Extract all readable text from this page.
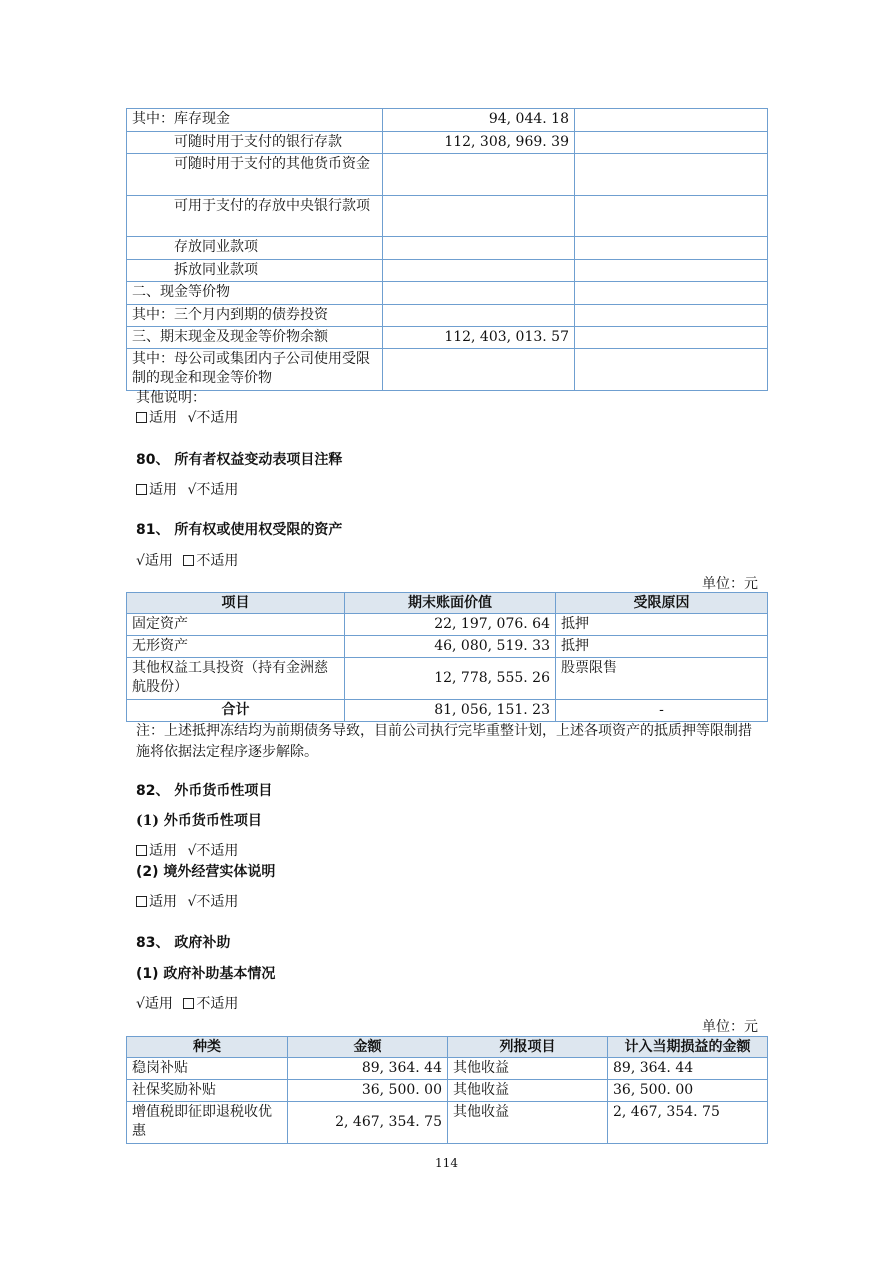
其中：库存现金	94, 044. 18	
可随时用于支付的银行存款	112, 308, 969. 39	
可随时用于支付的其他货币资金		
可用于支付的存放中央银行款项		
存放同业款项		
拆放同业款项		
二、现金等价物		
其中：三个月内到期的债券投资		
三、期末现金及现金等价物余额	112, 403, 013. 57	
其中：母公司或集团内子公司使用受限制的现金和现金等价物		
其他说明：
适用 √不适用
80、 所有者权益变动表项目注释
适用 √不适用
81、 所有权或使用权受限的资产
√适用 不适用
单位：元
项目	期末账面价值	受限原因
固定资产	22, 197, 076. 64	抵押
无形资产	46, 080, 519. 33	抵押
其他权益工具投资（持有金洲慈航股份）	12, 778, 555. 26	股票限售
合计	81, 056, 151. 23	-
注：上述抵押冻结均为前期债务导致，目前公司执行完毕重整计划，上述各项资产的抵质押等限制措施将依据法定程序逐步解除。
82、 外币货币性项目
(1) 外币货币性项目
适用 √不适用
(2) 境外经营实体说明
适用 √不适用
83、 政府补助
(1) 政府补助基本情况
√适用 不适用
单位：元
种类	金额	列报项目	计入当期损益的金额
稳岗补贴	89, 364. 44	其他收益	89, 364. 44
社保奖励补贴	36, 500. 00	其他收益	36, 500. 00
增值税即征即退税收优惠	2, 467, 354. 75	其他收益	2, 467, 354. 75
114
